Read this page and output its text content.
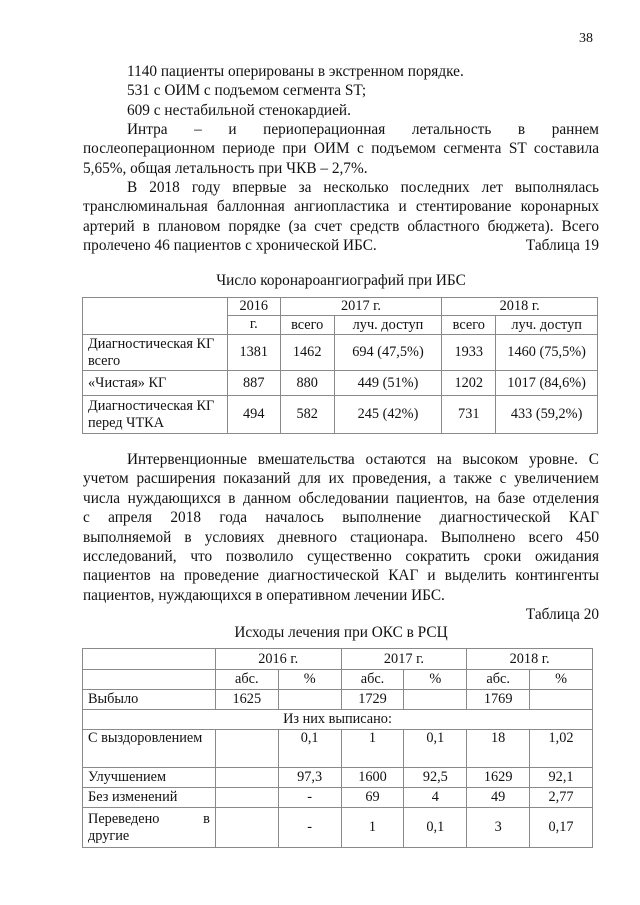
38
1140 пациенты оперированы в экстренном порядке.
531 с ОИМ с подъемом сегмента ST;
609 с нестабильной стенокардией.
Интра – и периоперационная летальность в раннем
послеоперационном периоде при ОИМ с подъемом сегмента ST составила
5,65%, общая летальность при ЧКВ – 2,7%.
В 2018 году впервые за несколько последних лет выполнялась
транслюминальная баллонная ангиопластика и стентирование коронарных
артерий в плановом порядке (за счет средств областного бюджета). Всего
пролечено 46 пациентов с хронической ИБС.	Таблица 19
Число коронароангиографий при ИБС
	2016	2017 г.		2018 г.	
	г.	всего	луч. доступ	всего	луч. доступ
Диагностическая КГ всего	1381	1462	694 (47,5%)	1933	1460 (75,5%)
«Чистая» КГ	887	880	449 (51%)	1202	1017 (84,6%)
Диагностическая КГ перед ЧТКА	494	582	245 (42%)	731	433 (59,2%)
Интервенционные вмешательства остаются на высоком уровне. С
учетом расширения показаний для их проведения, а также с увеличением
числа нуждающихся в данном обследовании пациентов, на базе отделения
с апреля 2018 года началось выполнение диагностической КАГ
выполняемой в условиях дневного стационара. Выполнено всего 450
исследований, что позволило существенно сократить сроки ожидания
пациентов на проведение диагностической КАГ и выделить контингенты
пациентов, нуждающихся в оперативном лечении ИБС.
Таблица 20
Исходы лечения при ОКС в РСЦ
	2016 г.		2017 г.		2018 г.	
	абс.	%	абс.	%	абс.	%
Выбыло	1625		1729		1769	
Из них выписано:						
С выздоровлением		0,1	1	0,1	18	1,02
Улучшением		97,3	1600	92,5	1629	92,1
Без изменений		-	69	4	49	2,77
Переведено в другие		-	1	0,1	3	0,17
